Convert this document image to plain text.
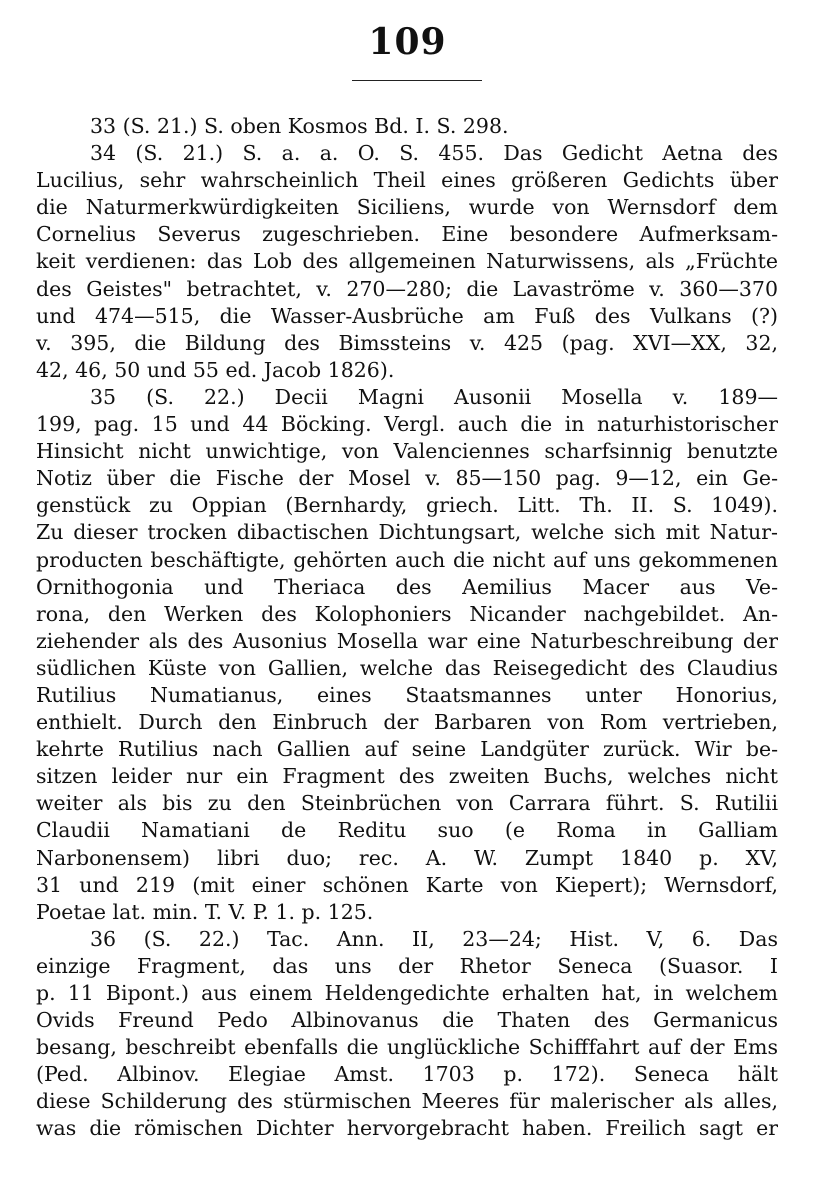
109
33 (S. 21.) S. oben Kosmos Bd. I. S. 298.
34 (S. 21.) S. a. a. O. S. 455. Das Gedicht Aetna des
Lucilius, sehr wahrscheinlich Theil eines größeren Gedichts über
die Naturmerkwürdigkeiten Siciliens, wurde von Wernsdorf dem
Cornelius Severus zugeschrieben. Eine besondere Aufmerksam-
keit verdienen: das Lob des allgemeinen Naturwissens, als „Früchte
des Geistes" betrachtet, v. 270—280; die Lavaströme v. 360—370
und 474—515, die Wasser-Ausbrüche am Fuß des Vulkans (?)
v. 395, die Bildung des Bimssteins v. 425 (pag. XVI—XX, 32,
42, 46, 50 und 55 ed. Jacob 1826).
35 (S. 22.) Decii Magni Ausonii Mosella v. 189—
199, pag. 15 und 44 Böcking. Vergl. auch die in naturhistorischer
Hinsicht nicht unwichtige, von Valenciennes scharfsinnig benutzte
Notiz über die Fische der Mosel v. 85—150 pag. 9—12, ein Ge-
genstück zu Oppian (Bernhardy, griech. Litt. Th. II. S. 1049).
Zu dieser trocken dibactischen Dichtungsart, welche sich mit Natur-
producten beschäftigte, gehörten auch die nicht auf uns gekommenen
Ornithogonia und Theriaca des Aemilius Macer aus Ve-
rona, den Werken des Kolophoniers Nicander nachgebildet. An-
ziehender als des Ausonius Mosella war eine Naturbeschreibung der
südlichen Küste von Gallien, welche das Reisegedicht des Claudius
Rutilius Numatianus, eines Staatsmannes unter Honorius,
enthielt. Durch den Einbruch der Barbaren von Rom vertrieben,
kehrte Rutilius nach Gallien auf seine Landgüter zurück. Wir be-
sitzen leider nur ein Fragment des zweiten Buchs, welches nicht
weiter als bis zu den Steinbrüchen von Carrara führt. S. Rutilii
Claudii Namatiani de Reditu suo (e Roma in Galliam
Narbonensem) libri duo; rec. A. W. Zumpt 1840 p. XV,
31 und 219 (mit einer schönen Karte von Kiepert); Wernsdorf,
Poetae lat. min. T. V. P. 1. p. 125.
36 (S. 22.) Tac. Ann. II, 23—24; Hist. V, 6. Das
einzige Fragment, das uns der Rhetor Seneca (Suasor. I
p. 11 Bipont.) aus einem Heldengedichte erhalten hat, in welchem
Ovids Freund Pedo Albinovanus die Thaten des Germanicus
besang, beschreibt ebenfalls die unglückliche Schifffahrt auf der Ems
(Ped. Albinov. Elegiae Amst. 1703 p. 172). Seneca hält
diese Schilderung des stürmischen Meeres für malerischer als alles,
was die römischen Dichter hervorgebracht haben. Freilich sagt er
